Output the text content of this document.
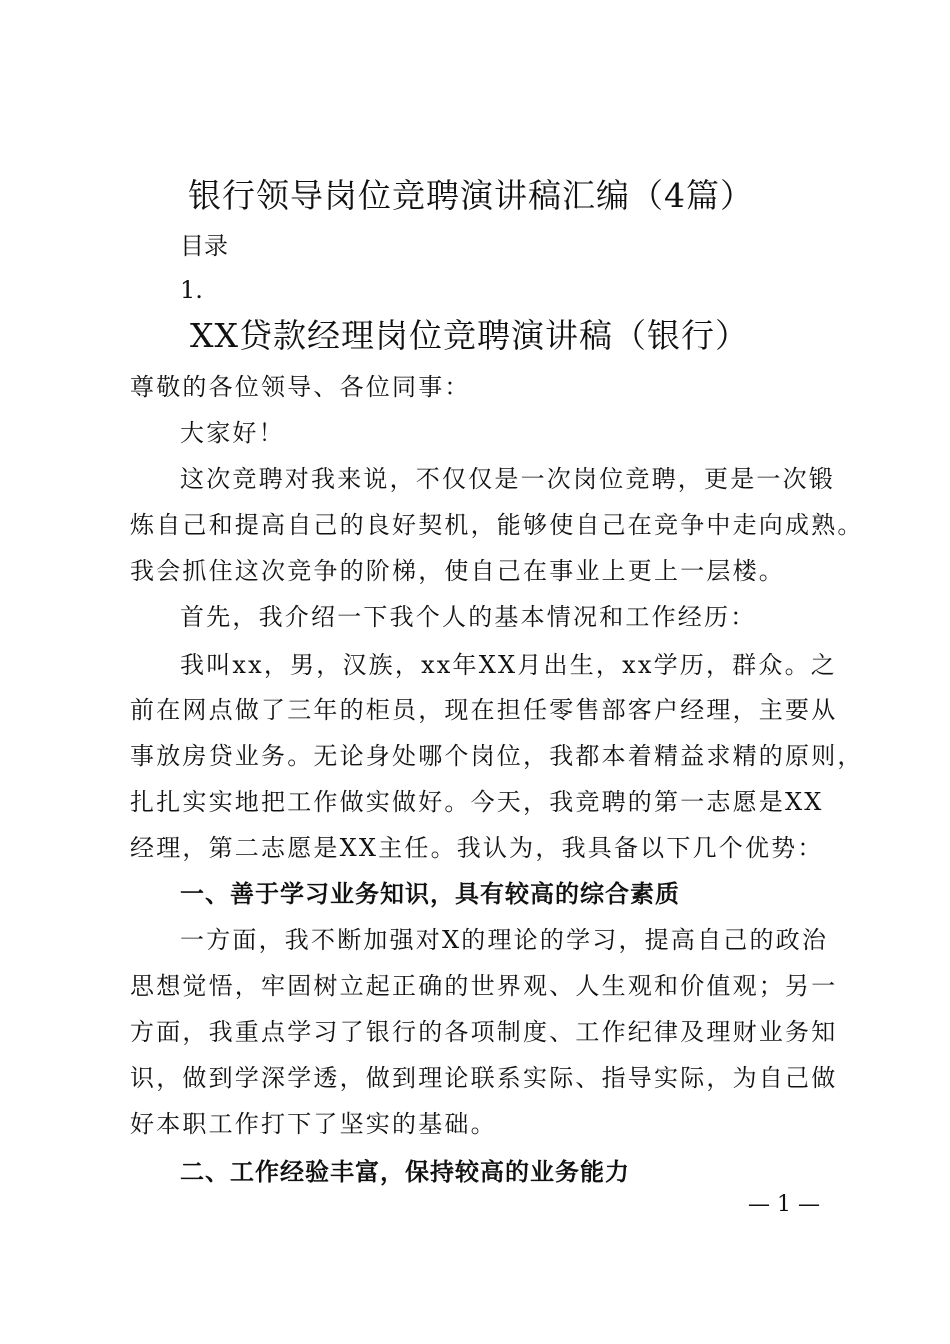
银行领导岗位竞聘演讲稿汇编（4篇）
目录
1.
XX贷款经理岗位竞聘演讲稿（银行）
尊敬的各位领导、各位同事：
大家好！
这次竞聘对我来说，不仅仅是一次岗位竞聘，更是一次锻
炼自己和提高自己的良好契机，能够使自己在竞争中走向成熟。
我会抓住这次竞争的阶梯，使自己在事业上更上一层楼。
首先，我介绍一下我个人的基本情况和工作经历：
我叫xx，男，汉族，xx年XX月出生，xx学历，群众。之
前在网点做了三年的柜员，现在担任零售部客户经理，主要从
事放房贷业务。无论身处哪个岗位，我都本着精益求精的原则，
扎扎实实地把工作做实做好。今天，我竞聘的第一志愿是XX
经理，第二志愿是XX主任。我认为，我具备以下几个优势：
一、善于学习业务知识，具有较高的综合素质
一方面，我不断加强对X的理论的学习，提高自己的政治
思想觉悟，牢固树立起正确的世界观、人生观和价值观；另一
方面，我重点学习了银行的各项制度、工作纪律及理财业务知
识，做到学深学透，做到理论联系实际、指导实际，为自己做
好本职工作打下了坚实的基础。
二、工作经验丰富，保持较高的业务能力
— 1 —
